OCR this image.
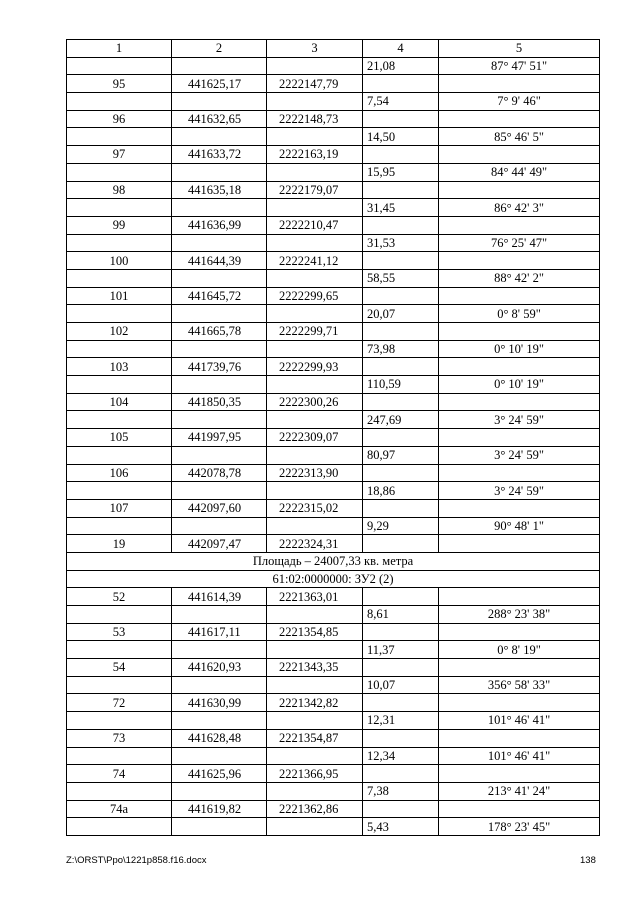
1	2	3	4	5
			21,08	87° 47' 51"
95	441625,17	2222147,79		
			7,54	7° 9' 46"
96	441632,65	2222148,73		
			14,50	85° 46' 5"
97	441633,72	2222163,19		
			15,95	84° 44' 49"
98	441635,18	2222179,07		
			31,45	86° 42' 3"
99	441636,99	2222210,47		
			31,53	76° 25' 47"
100	441644,39	2222241,12		
			58,55	88° 42' 2"
101	441645,72	2222299,65		
			20,07	0° 8' 59"
102	441665,78	2222299,71		
			73,98	0° 10' 19"
103	441739,76	2222299,93		
			110,59	0° 10' 19"
104	441850,35	2222300,26		
			247,69	3° 24' 59"
105	441997,95	2222309,07		
			80,97	3° 24' 59"
106	442078,78	2222313,90		
			18,86	3° 24' 59"
107	442097,60	2222315,02		
			9,29	90° 48' 1"
19	442097,47	2222324,31		
Площадь – 24007,33 кв. метра				
61:02:0000000: ЗУ2 (2)				
52	441614,39	2221363,01		
			8,61	288° 23' 38"
53	441617,11	2221354,85		
			11,37	0° 8' 19"
54	441620,93	2221343,35		
			10,07	356° 58' 33"
72	441630,99	2221342,82		
			12,31	101° 46' 41"
73	441628,48	2221354,87		
			12,34	101° 46' 41"
74	441625,96	2221366,95		
			7,38	213° 41' 24"
74а	441619,82	2221362,86		
			5,43	178° 23' 45"
Z:\ORST\Ppo\1221p858.f16.docx	138
